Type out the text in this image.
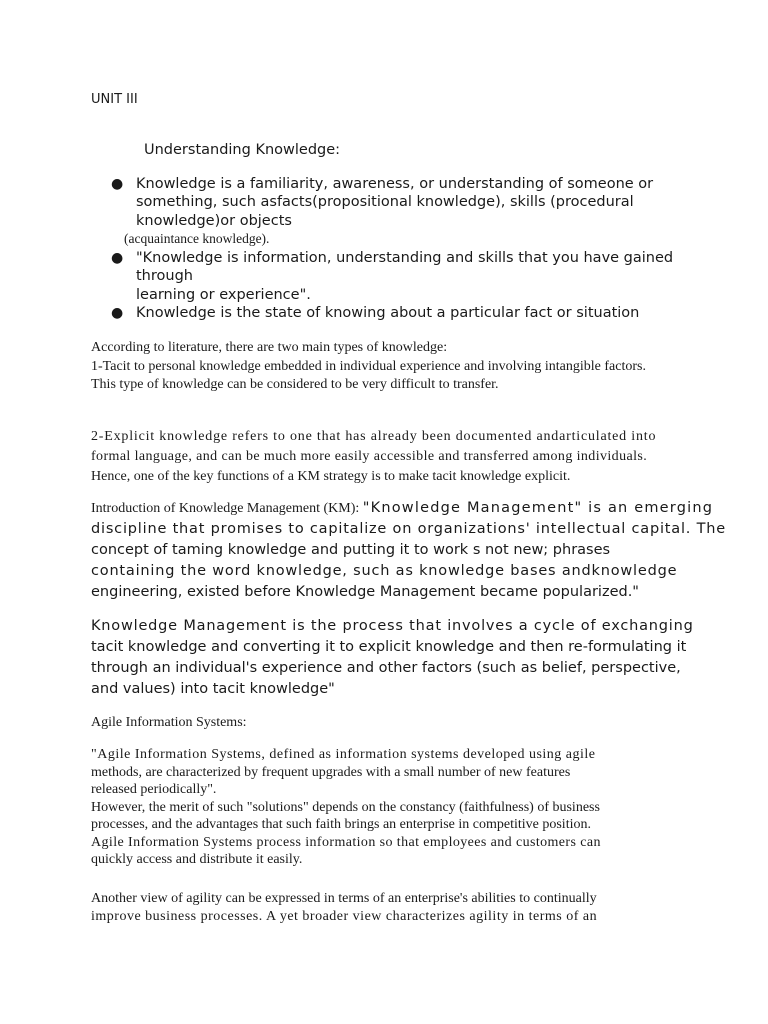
UNIT III
Understanding Knowledge:
● Knowledge is a familiarity, awareness, or understanding of someone or
something, such asfacts(propositional knowledge), skills (procedural
knowledge)or objects
(acquaintance knowledge).
● "Knowledge is information, understanding and skills that you have gained
through
learning or experience".
● Knowledge is the state of knowing about a particular fact or situation
According to literature, there are two main types of knowledge:
1-Tacit to personal knowledge embedded in individual experience and involving intangible factors.
This type of knowledge can be considered to be very difficult to transfer.
2-Explicit knowledge refers to one that has already been documented andarticulated into
formal language, and can be much more easily accessible and transferred among individuals.
Hence, one of the key functions of a KM strategy is to make tacit knowledge explicit.
Introduction of Knowledge Management (KM): "Knowledge Management" is an emerging
discipline that promises to capitalize on organizations' intellectual capital. The
concept of taming knowledge and putting it to work s not new; phrases
containing the word knowledge, such as knowledge bases andknowledge
engineering, existed before Knowledge Management became popularized."
Knowledge Management is the process that involves a cycle of exchanging
tacit knowledge and converting it to explicit knowledge and then re-formulating it
through an individual's experience and other factors (such as belief, perspective,
and values) into tacit knowledge"
Agile Information Systems:
"Agile Information Systems, defined as information systems developed using agile
methods, are characterized by frequent upgrades with a small number of new features
released periodically".
However, the merit of such "solutions" depends on the constancy (faithfulness) of business
processes, and the advantages that such faith brings an enterprise in competitive position.
Agile Information Systems process information so that employees and customers can
quickly access and distribute it easily.
Another view of agility can be expressed in terms of an enterprise's abilities to continually
improve business processes. A yet broader view characterizes agility in terms of an
